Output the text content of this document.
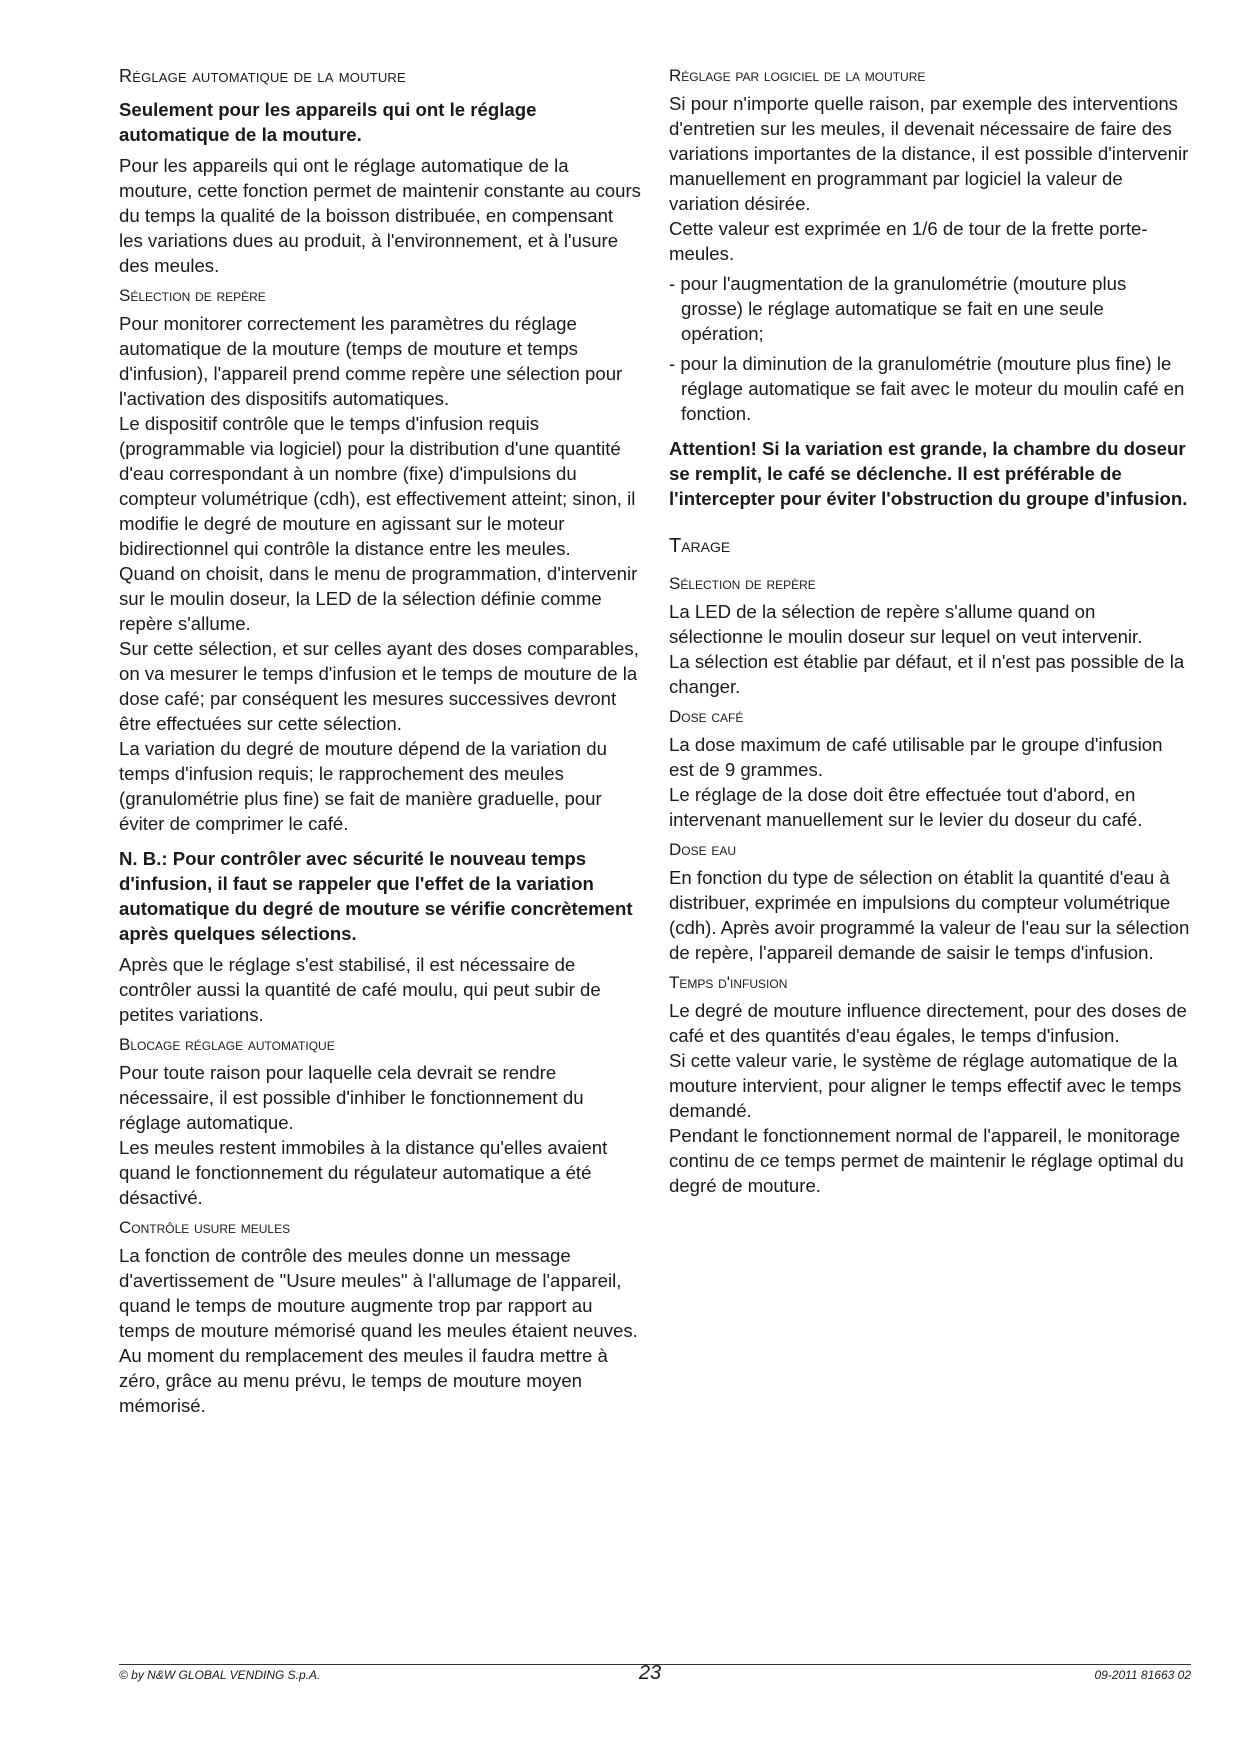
Réglage automatique de la mouture

Seulement pour les appareils qui ont le réglage automatique de la mouture.

Pour les appareils qui ont le réglage automatique de la mouture, cette fonction permet de maintenir constante au cours du temps la qualité de la boisson distribuée, en compensant les variations dues au produit, à l'environnement, et à l'usure des meules.

Sélection de repère

Pour monitorer correctement les paramètres du réglage automatique de la mouture (temps de mouture et temps d'infusion), l'appareil prend comme repère une sélection pour l'activation des dispositifs automatiques.

Le dispositif contrôle que le temps d'infusion requis (programmable via logiciel) pour la distribution d'une quantité d'eau correspondant à un nombre (fixe) d'impulsions du compteur volumétrique (cdh), est effectivement atteint; sinon, il modifie le degré de mouture en agissant sur le moteur bidirectionnel qui contrôle la distance entre les meules.

Quand on choisit, dans le menu de programmation, d'intervenir sur le moulin doseur, la LED de la sélection définie comme repère s'allume.

Sur cette sélection, et sur celles ayant des doses comparables, on va mesurer le temps d'infusion et le temps de mouture de la dose café; par conséquent les mesures successives devront être effectuées sur cette sélection.

La variation du degré de mouture dépend de la variation du temps d'infusion requis; le rapprochement des meules (granulométrie plus fine) se fait de manière graduelle, pour éviter de comprimer le café.

N. B.: Pour contrôler avec sécurité le nouveau temps d'infusion, il faut se rappeler que l'effet de la variation automatique du degré de mouture se vérifie concrètement après quelques sélections.

Après que le réglage s'est stabilisé, il est nécessaire de contrôler aussi la quantité de café moulu, qui peut subir de petites variations.

Blocage réglage automatique

Pour toute raison pour laquelle cela devrait se rendre nécessaire, il est possible d'inhiber le fonctionnement du réglage automatique.

Les meules restent immobiles à la distance qu'elles avaient quand le fonctionnement du régulateur automatique a été désactivé.

Contrôle usure meules

La fonction de contrôle des meules donne un message d'avertissement de "Usure meules" à l'allumage de l'appareil, quand le temps de mouture augmente trop par rapport au temps de mouture mémorisé quand les meules étaient neuves.

Au moment du remplacement des meules il faudra mettre à zéro, grâce au menu prévu, le temps de mouture moyen mémorisé.

Réglage par logiciel de la mouture

Si pour n'importe quelle raison, par exemple des interventions d'entretien sur les meules, il devenait nécessaire de faire des variations importantes de la distance, il est possible d'intervenir manuellement en programmant par logiciel la valeur de variation désirée.

Cette valeur est exprimée en 1/6 de tour de la frette porte-meules.

- pour l'augmentation de la granulométrie (mouture plus grosse) le réglage automatique se fait en une seule opération;

- pour la diminution de la granulométrie (mouture plus fine) le réglage automatique se fait avec le moteur du moulin café en fonction.

Attention! Si la variation est grande, la chambre du doseur se remplit, le café se déclenche. Il est préférable de l'intercepter pour éviter l'obstruction du groupe d'infusion.

Tarage
Sélection de repère

La LED de la sélection de repère s'allume quand on sélectionne le moulin doseur sur lequel on veut intervenir.

La sélection est établie par défaut, et il n'est pas possible de la changer.

Dose café

La dose maximum de café utilisable par le groupe d'infusion est de 9 grammes.

Le réglage de la dose doit être effectuée tout d'abord, en intervenant manuellement sur le levier du doseur du café.

Dose eau

En fonction du type de sélection on établit la quantité d'eau à distribuer, exprimée en impulsions du compteur volumétrique (cdh). Après avoir programmé la valeur de l'eau sur la sélection de repère, l'appareil demande de saisir le temps d'infusion.

Temps d'infusion

Le degré de mouture influence directement, pour des doses de café et des quantités d'eau égales, le temps d'infusion.

Si cette valeur varie, le système de réglage automatique de la mouture intervient, pour aligner le temps effectif avec le temps demandé.

Pendant le fonctionnement normal de l'appareil, le monitorage continu de ce temps permet de maintenir le réglage optimal du degré de mouture.

© by N&W GLOBAL VENDING S.p.A.	23	09-2011 81663 02
